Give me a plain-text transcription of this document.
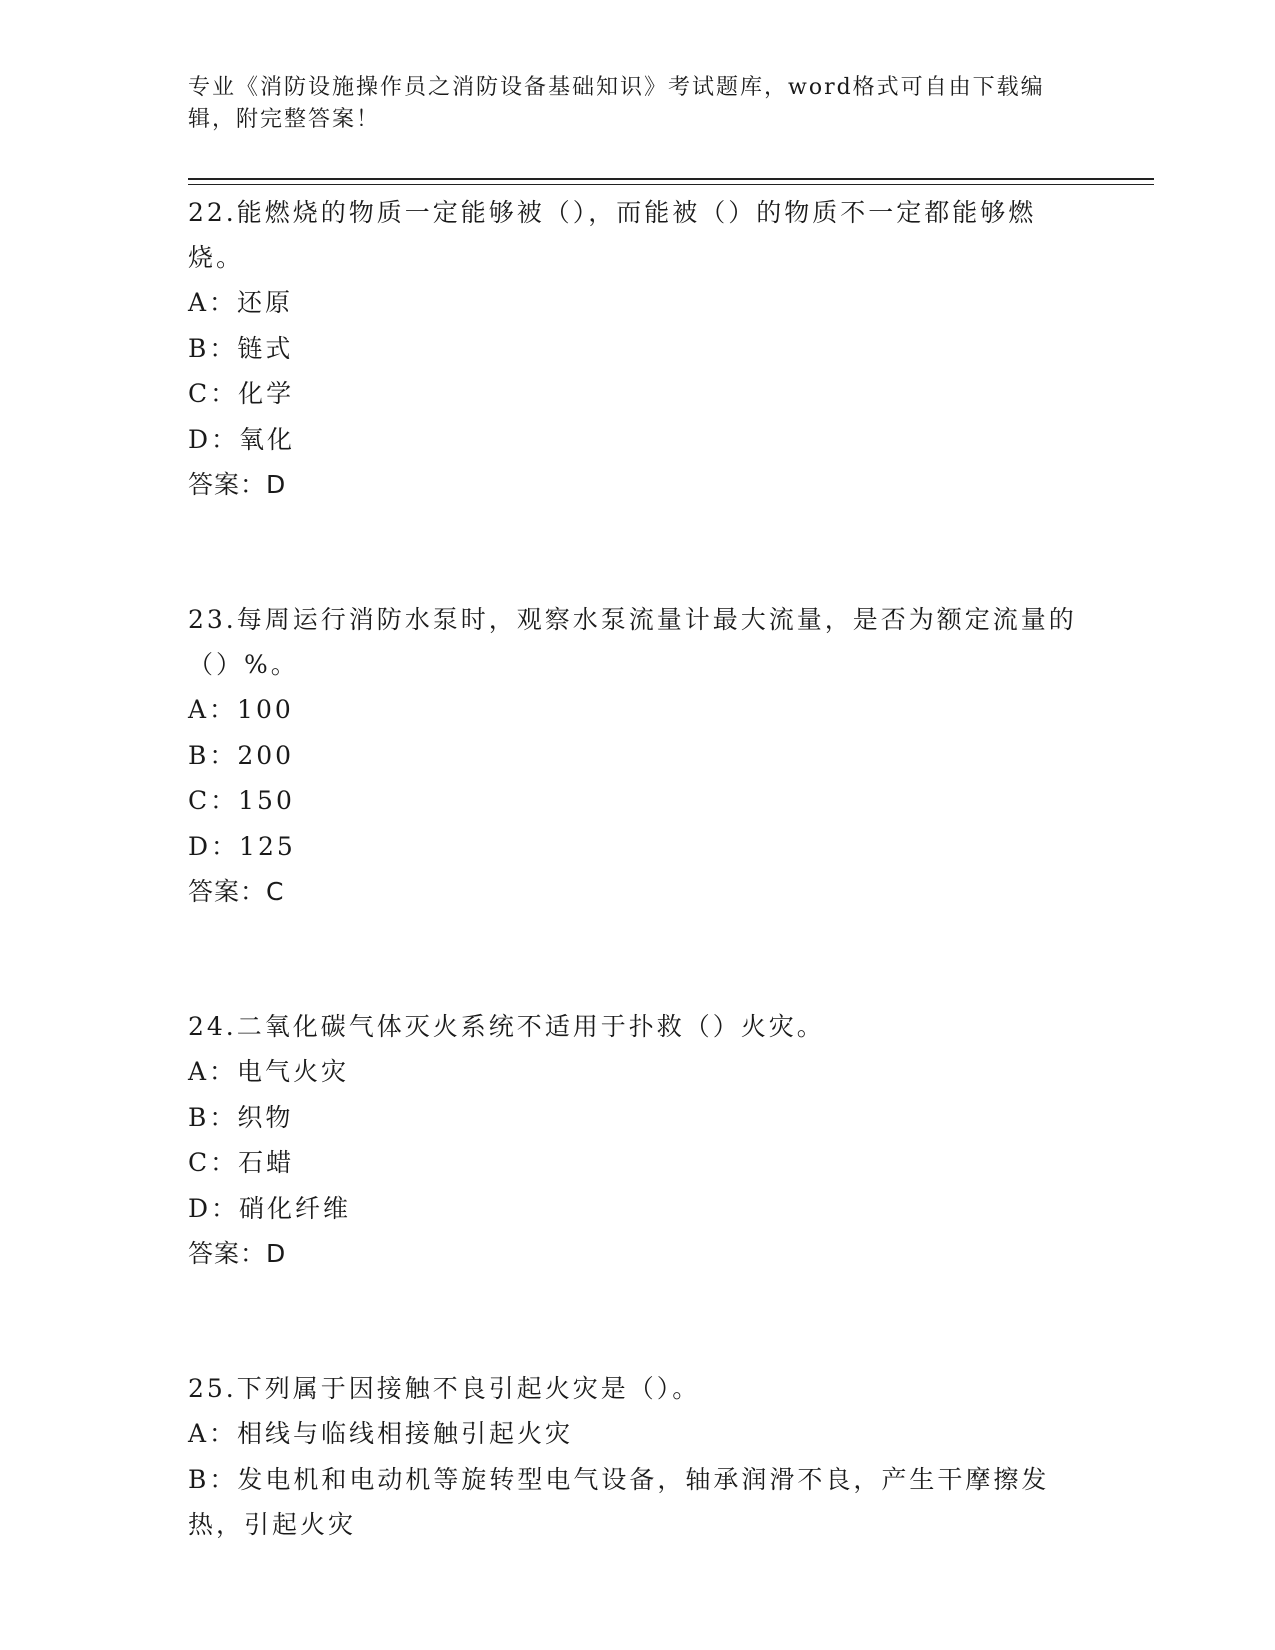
专业《消防设施操作员之消防设备基础知识》考试题库，word格式可自由下载编辑，附完整答案！

22.能燃烧的物质一定能够被（），而能被（）的物质不一定都能够燃烧。

A：还原

B：链式

C：化学

D：氧化

答案：D

23.每周运行消防水泵时，观察水泵流量计最大流量，是否为额定流量的（）%。

A：100

B：200

C：150

D：125

答案：C

24.二氧化碳气体灭火系统不适用于扑救（）火灾。

A：电气火灾

B：织物

C：石蜡

D：硝化纤维

答案：D

25.下列属于因接触不良引起火灾是（）。

A：相线与临线相接触引起火灾

B：发电机和电动机等旋转型电气设备，轴承润滑不良，产生干摩擦发热，引起火灾
